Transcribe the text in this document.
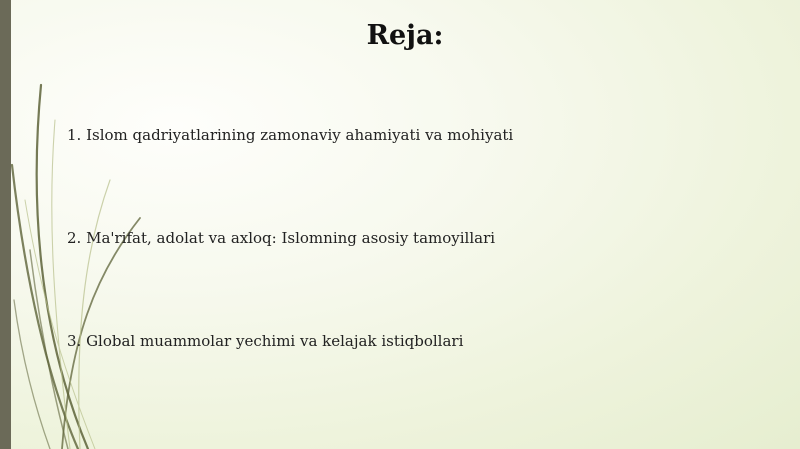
Reja:
1. Islom qadriyatlarining zamonaviy ahamiyati va mohiyati
2. Ma'rifat, adolat va axloq: Islomning asosiy tamoyillari
3. Global muammolar yechimi va kelajak istiqbollari
